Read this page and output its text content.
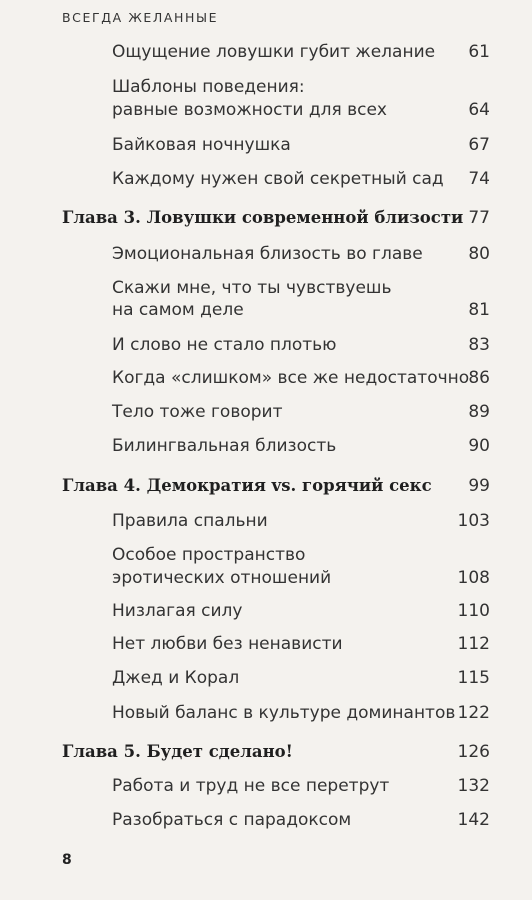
ВСЕГДА ЖЕЛАННЫЕ
Ощущение ловушки губит желание 61
Шаблоны поведения:
равные возможности для всех	64
Байковая ночнушка	67
Каждому нужен свой секретный сад 74
Глава 3. Ловушки современной близости 77
Эмоциональная близость во главе	80
Скажи мне, что ты чувствуешь
на самом деле	81
И слово не стало плотью	83
Когда «слишком» все же недостаточно 86
Тело тоже говорит	89
Билингвальная близость	90
Глава 4. Демократия vs. горячий секс 99
Правила спальни	103
Особое пространство
эротических отношений	108
Низлагая силу	110
Нет любви без ненависти	112
Джед и Корал	115
Новый баланс в культуре доминантов 122
Глава 5. Будет сделано!	126
Работа и труд не все перетрут	132
Разобраться с парадоксом	142
8
